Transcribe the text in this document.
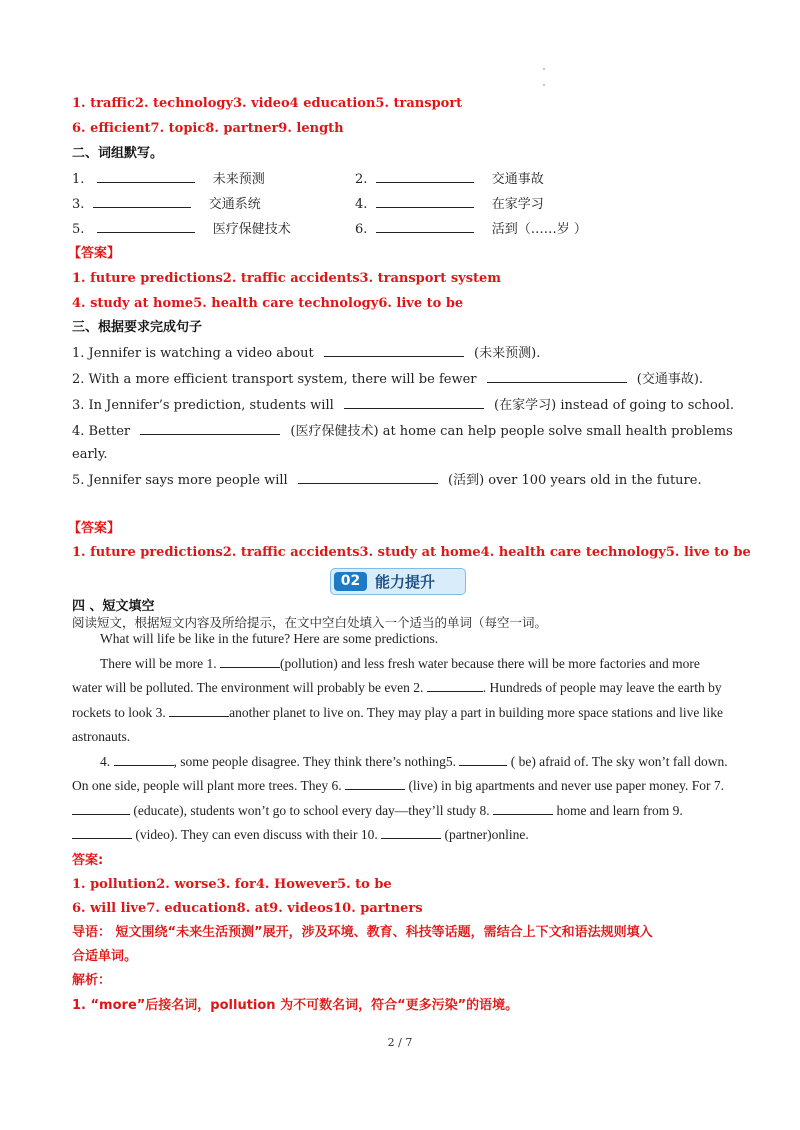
1. traffic2. technology3. video4 education5. transport
6. efficient7. topic8. partner9. length
二、词组默写。
1.	未来预测	2.	交通事故
3.	交通系统	4.	在家学习
5.	医疗保健技术	6.	活到（……岁 ）
【答案】
1. future predictions2. traffic accidents3. transport system
4. study at home5. health care technology6. live to be
三、根据要求完成句子
1. Jennifer is watching a video about	(未来预测).
2. With a more efficient transport system, there will be fewer	(交通事故).
3. In Jennifer’s prediction, students will	(在家学习) instead of going to school.
4. Better	(医疗保健技术) at home can help people solve small health problems
early.
5. Jennifer says more people will	(活到) over 100 years old in the future.
【答案】
1. future predictions2. traffic accidents3. study at home4. health care technology5. live to be
02 能力提升
四 、短文填空
阅读短文，根据短文内容及所给提示，在文中空白处填入一个适当的单词（每空一词。

What will life be like in the future? Here are some predictions.

There will be more 1.	(pollution) and less fresh water because there will be more factories and more water will be polluted. The environment will probably be even 2.	. Hundreds of people may leave the earth by rockets to look 3.	another planet to live on. They may play a part in building more space stations and live like astronauts.

4.	, some people disagree. They think there’s nothing5.	( be) afraid of. The sky won’t fall down. On one side, people will plant more trees. They 6.	(live) in big apartments and never use paper money. For 7.  (educate), students won’t go to school every day—they’ll study 8.	home and learn from 9.  (video). They can even discuss with their 10.	(partner)online.

答案:
1. pollution2. worse3. for4. However5. to be
6. will live7. education8. at9. videos10. partners
导语： 短文围绕“未来生活预测”展开，涉及环境、教育、科技等话题，需结合上下文和语法规则填入
合适单词。
解析：
1. “more”后接名词，pollution 为不可数名词，符合“更多污染”的语境。
2 / 7
